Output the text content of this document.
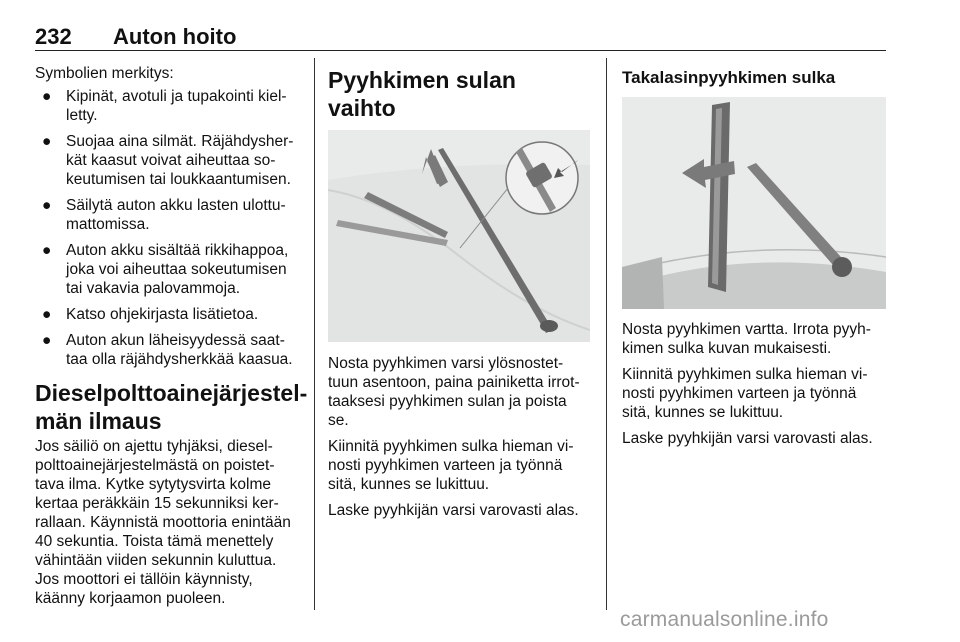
232 Auton hoito

Symbolien merkitys:

● Kipinät, avotuli ja tupakointi kiel-letty.
● Suojaa aina silmät. Räjähdysher-kät kaasut voivat aiheuttaa so-keutumisen tai loukkaantumisen.
● Säilytä auton akku lasten ulottu-mattomissa.
● Auton akku sisältää rikkihappoa, joka voi aiheuttaa sokeutumisen tai vakavia palovammoja.
● Katso ohjekirjasta lisätietoa.
● Auton akun läheisyydessä saat-taa olla räjähdysherkkää kaasua.
Dieselpolttoainejärjestel-män ilmaus

Jos säiliö on ajettu tyhjäksi, diesel-polttoainejärjestelmästä on poistet-tava ilma. Kytke sytytysvirta kolme kertaa peräkkäin 15 sekunniksi ker-rallaan. Käynnistä moottoria enintään 40 sekuntia. Toista tämä menettely vähintään viiden sekunnin kuluttua. Jos moottori ei tällöin käynnisty, käänny korjaamon puoleen.

Pyyhkimen sulan vaihto

Nosta pyyhkimen varsi ylösnostet-tuun asentoon, paina painiketta irrot-taaksesi pyyhkimen sulan ja poista se.

Kiinnitä pyyhkimen sulka hieman vi-nosti pyyhkimen varteen ja työnnä sitä, kunnes se lukittuu.

Laske pyyhkijän varsi varovasti alas.

Takalasinpyyhkimen sulka

Nosta pyyhkimen vartta. Irrota pyyh-kimen sulka kuvan mukaisesti.

Kiinnitä pyyhkimen sulka hieman vi-nosti pyyhkimen varteen ja työnnä sitä, kunnes se lukittuu.

Laske pyyhkijän varsi varovasti alas.

carmanualsonline.info
